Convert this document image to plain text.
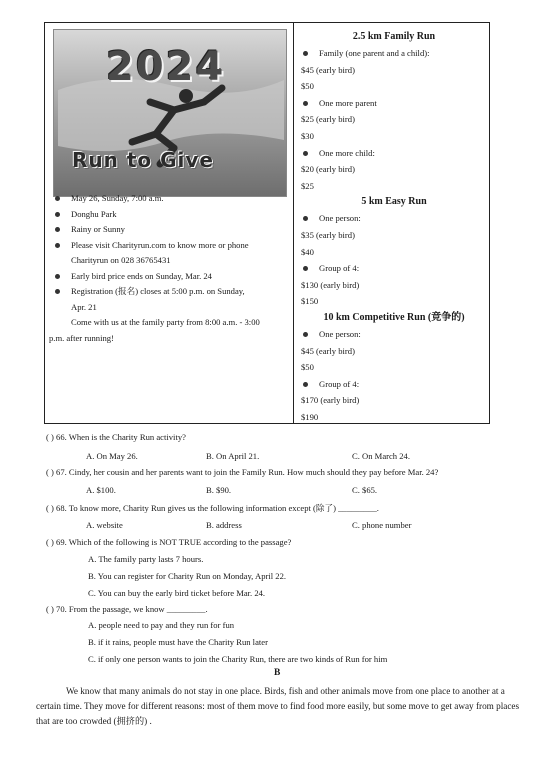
2024
Run to Give
May 26, Sunday, 7:00 a.m.
Donghu Park
Rainy or Sunny
Please visit Charityrun.com to know more or phone
Charityrun on 028 36765431
Early bird price ends on Sunday, Mar. 24
Registration (报名) closes at 5:00 p.m. on Sunday,
Apr. 21
Come with us at the family party from 8:00 a.m. - 3:00
p.m. after running!
2.5 km Family Run
Family (one parent and a child):
$45 (early bird)
$50
One more parent
$25 (early bird)
$30
One more child:
$20 (early bird)
$25
5 km Easy Run
One person:
$35 (early bird)
$40
Group of 4:
$130 (early bird)
$150
10 km Competitive Run (竞争的)
One person:
$45 (early bird)
$50
Group of 4:
$170 (early bird)
$190
( ) 66. When is the Charity Run activity?
A. On May 26.	B. On April 21.	C. On March 24.
( ) 67. Cindy, her cousin and her parents want to join the Family Run. How much should they pay before Mar. 24?
A. $100.	B. $90.	C. $65.
( ) 68. To know more, Charity Run gives us the following information except (除了) _________.
A. website	B. address	C. phone number
( ) 69. Which of the following is NOT TRUE according to the passage?
A. The family party lasts 7 hours.
B. You can register for Charity Run on Monday, April 22.
C. You can buy the early bird ticket before Mar. 24.
( ) 70. From the passage, we know _________.
A. people need to pay and they run for fun
B. if it rains, people must have the Charity Run later
C. if only one person wants to join the Charity Run, there are two kinds of Run for him
B
We know that many animals do not stay in one place. Birds, fish and other animals move from one place to another at a certain time. They move for different reasons: most of them move to find food more easily, but some move to get away from places that are too crowded (拥挤的) .
